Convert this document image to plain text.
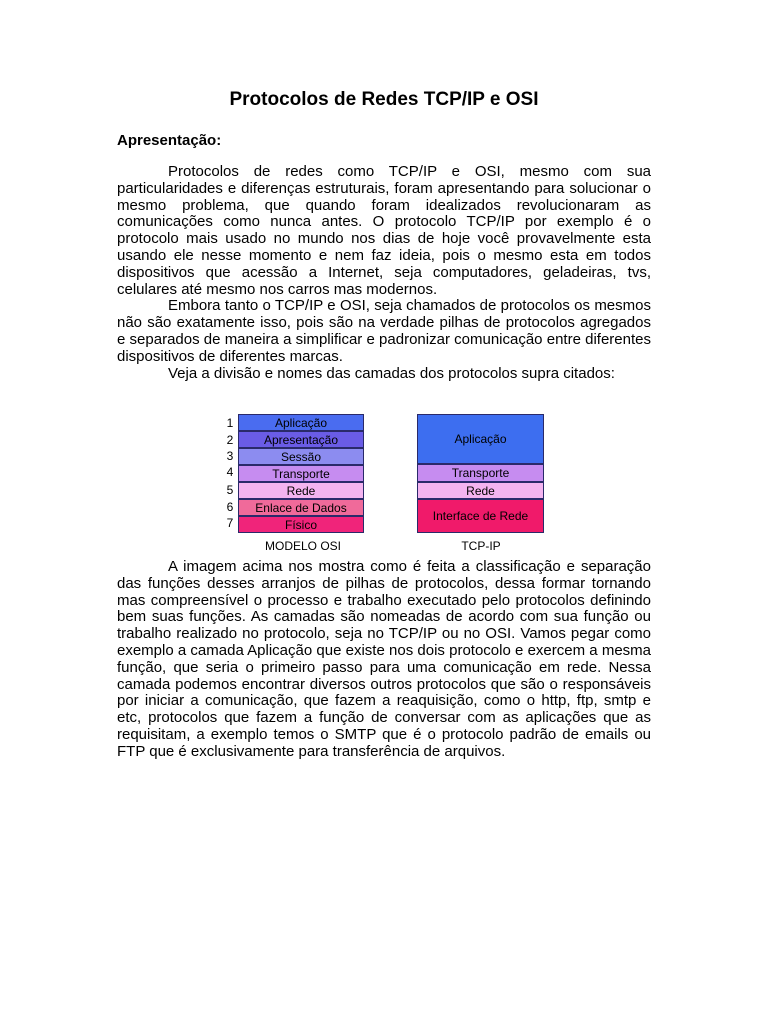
Protocolos de Redes TCP/IP e OSI
Apresentação:

Protocolos de redes como TCP/IP e OSI, mesmo com sua particularidades e diferenças estruturais, foram apresentando para solucionar o mesmo problema, que quando foram idealizados revolucionaram as comunicações como nunca antes. O protocolo TCP/IP por exemplo é o protocolo mais usado no mundo nos dias de hoje você provavelmente esta usando ele nesse momento e nem faz ideia, pois o mesmo esta em todos dispositivos que acessão a Internet, seja computadores, geladeiras, tvs, celulares até mesmo nos carros mas modernos.

Embora tanto o TCP/IP e OSI, seja chamados de protocolos os mesmos não são exatamente isso, pois são na verdade pilhas de protocolos agregados e separados de maneira a simplificar e padronizar comunicação entre diferentes dispositivos de diferentes marcas.

Veja a divisão e nomes das camadas dos protocolos supra citados:

1
2
3
4
5
6
7
Aplicação
Apresentação
Sessão
Transporte
Rede
Enlace de Dados
Físico
MODELO OSI
Aplicação
Transporte
Rede
Interface de Rede
TCP-IP

A imagem acima nos mostra como é feita a classificação e separação das funções desses arranjos de pilhas de protocolos, dessa formar tornando mas compreensível o processo e trabalho executado pelo protocolos definindo bem suas funções. As camadas são nomeadas de acordo com sua função ou trabalho realizado no protocolo, seja no TCP/IP ou no OSI. Vamos pegar como exemplo a camada Aplicação que existe nos dois protocolo e exercem a mesma função, que seria o primeiro passo para uma comunicação em rede. Nessa camada podemos encontrar diversos outros protocolos que são o responsáveis por iniciar a comunicação, que fazem a reaquisição, como o http, ftp, smtp e etc, protocolos que fazem a função de conversar com as aplicações que as requisitam, a exemplo temos o SMTP que é o protocolo padrão de emails ou FTP que é exclusivamente para transferência de arquivos.
